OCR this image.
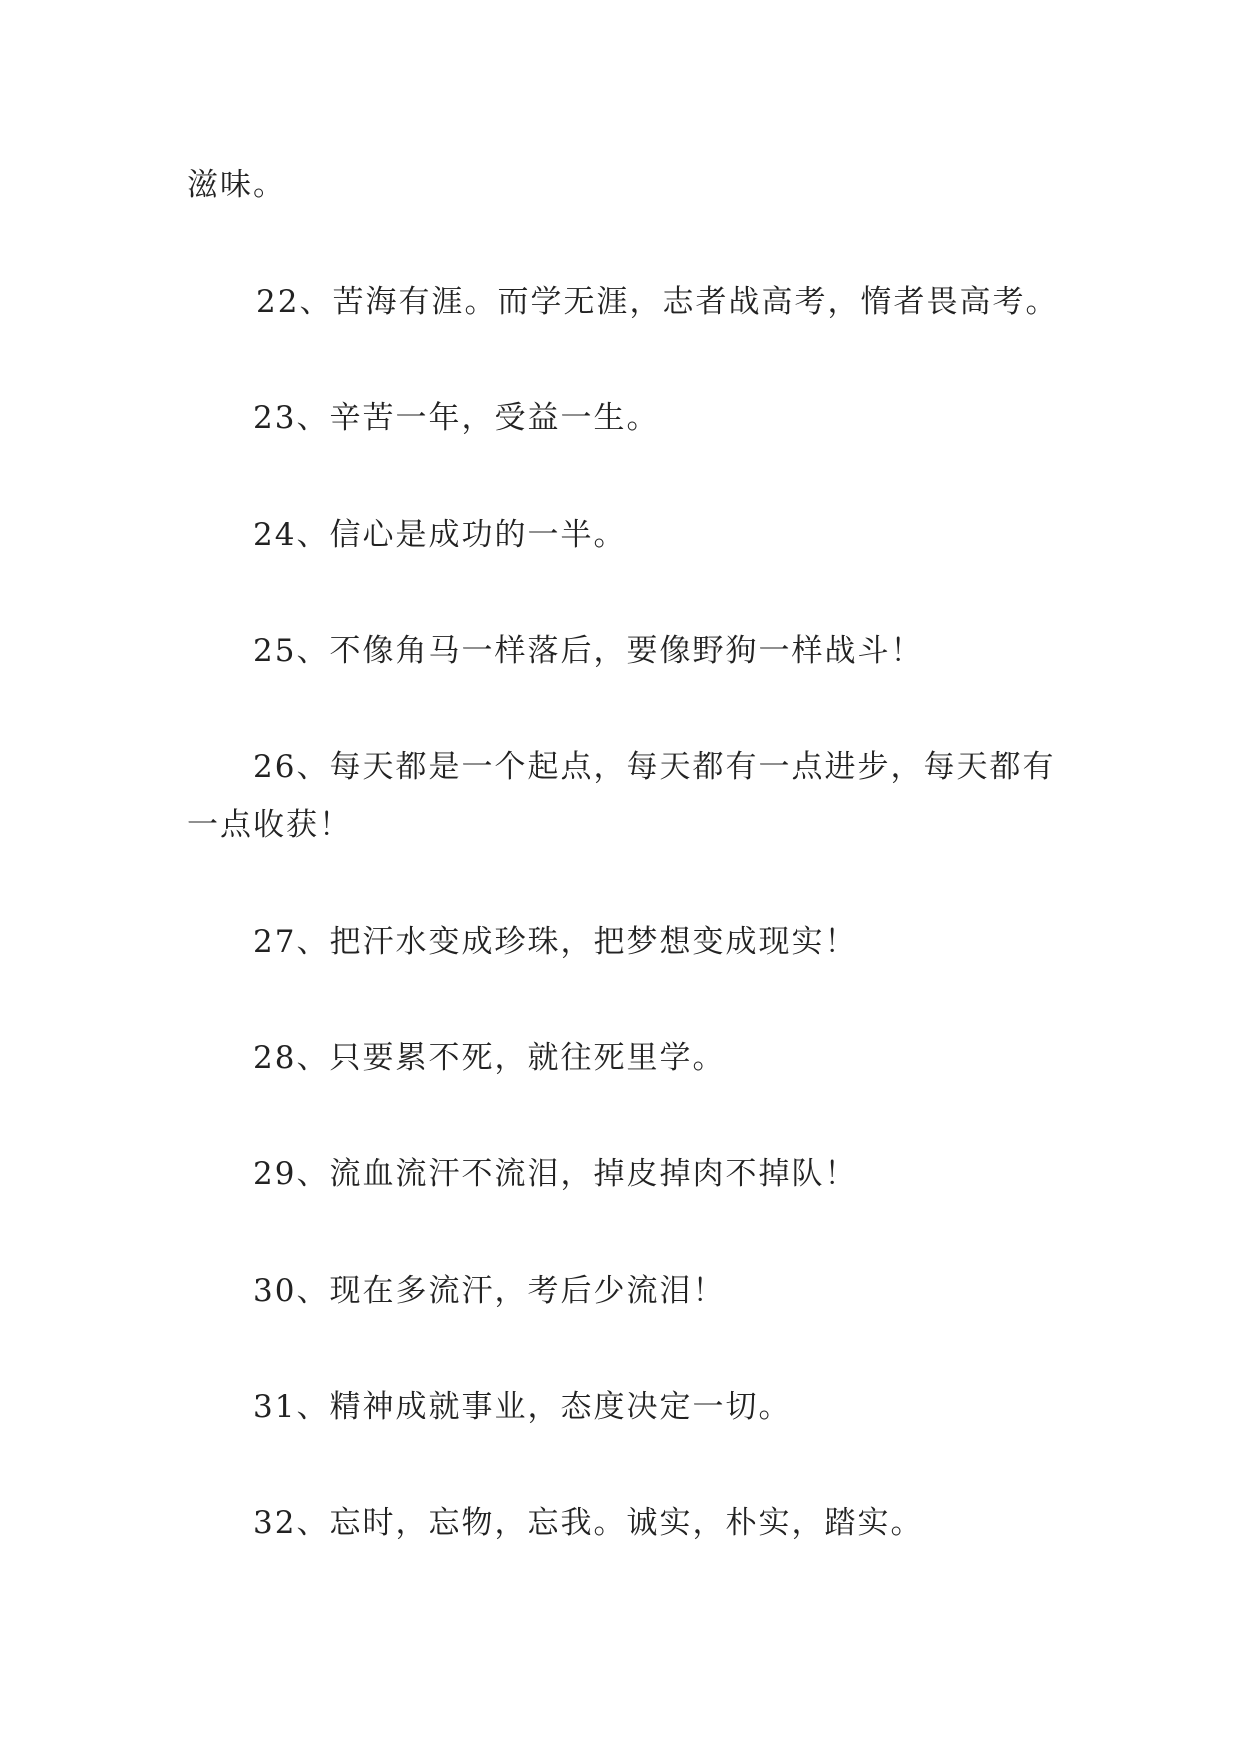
滋味。
22、苦海有涯。而学无涯，志者战高考，惰者畏高考。
23、辛苦一年，受益一生。
24、信心是成功的一半。
25、不像角马一样落后，要像野狗一样战斗！
26、每天都是一个起点，每天都有一点进步，每天都有
一点收获！
27、把汗水变成珍珠，把梦想变成现实！
28、只要累不死，就往死里学。
29、流血流汗不流泪，掉皮掉肉不掉队！
30、现在多流汗，考后少流泪！
31、精神成就事业，态度决定一切。
32、忘时，忘物，忘我。诚实，朴实，踏实。
